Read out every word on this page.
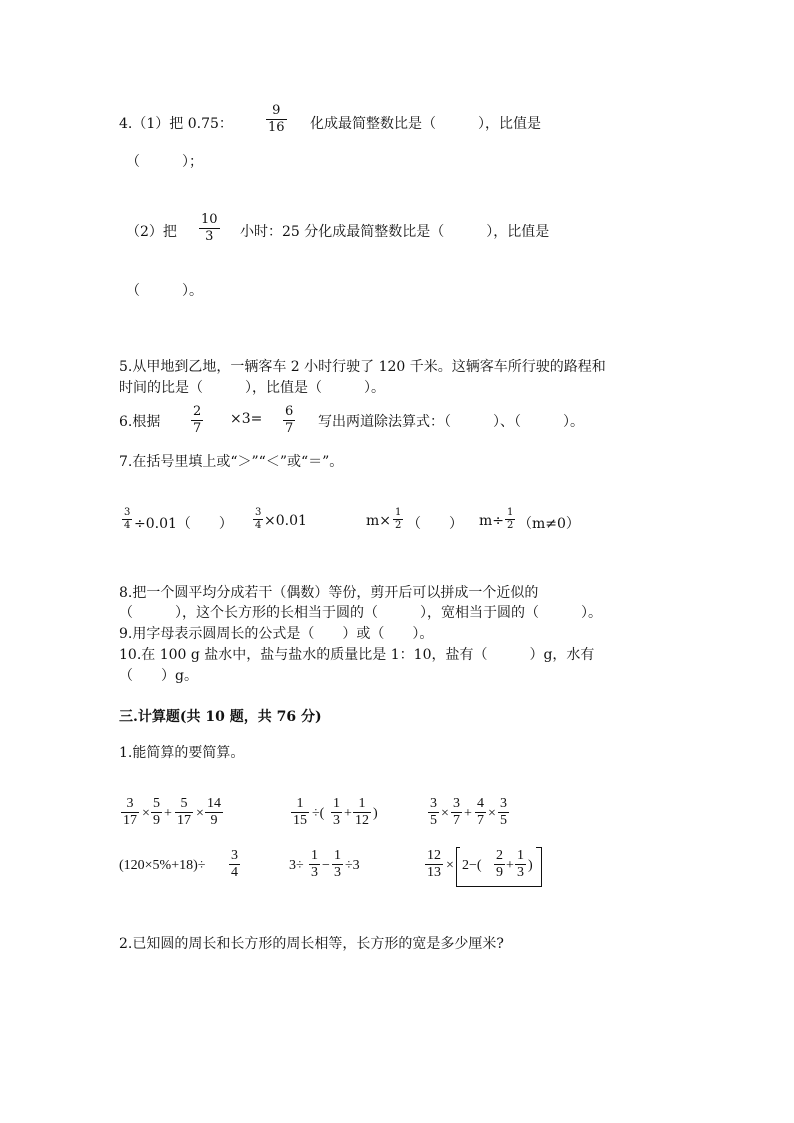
4.（1）把 0.75：
9
16 化成最简整数比是（　　　），比值是
（　　　）；
（2）把
10
3 小时：25 分化成最简整数比是（　　　），比值是
（　　　）。
5.从甲地到乙地，一辆客车 2 小时行驶了 120 千米。这辆客车所行驶的路程和
时间的比是（　　　），比值是（　　　）。
6.根据
2
7
×3= 6
7 写出两道除法算式：（　　　）、（　　　）。
7.在括号里填上或“＞”“＜”或“＝”。
3
4 ÷0.01（　　）
3
4 ×0.01	m×
1
2 （　　） m÷
1
2 （m≠0）
8.把一个圆平均分成若干（偶数）等份，剪开后可以拼成一个近似的
（　　　），这个长方形的长相当于圆的（　　　），宽相当于圆的（　　　）。
9.用字母表示圆周长的公式是（　　）或（　　）。
10.在 100 g 盐水中，盐与盐水的质量比是 1：10，盐有（　　　）g，水有
（　　）g。
三.计算题(共 10 题，共 76 分)
1.能简算的要简算。
3
17 ×
5
9 +
5
17 ×
14
9
1
15 ÷(
1
3 +
1
12 )
3
5 ×
3
7 +
4
7 ×
3
5
(120×5%+18)÷
3
4	3÷
1
3 −
1
3 ÷3
12
13 × 2−(
2
9 +
1
3 )
2.已知圆的周长和长方形的周长相等，长方形的宽是多少厘米?
